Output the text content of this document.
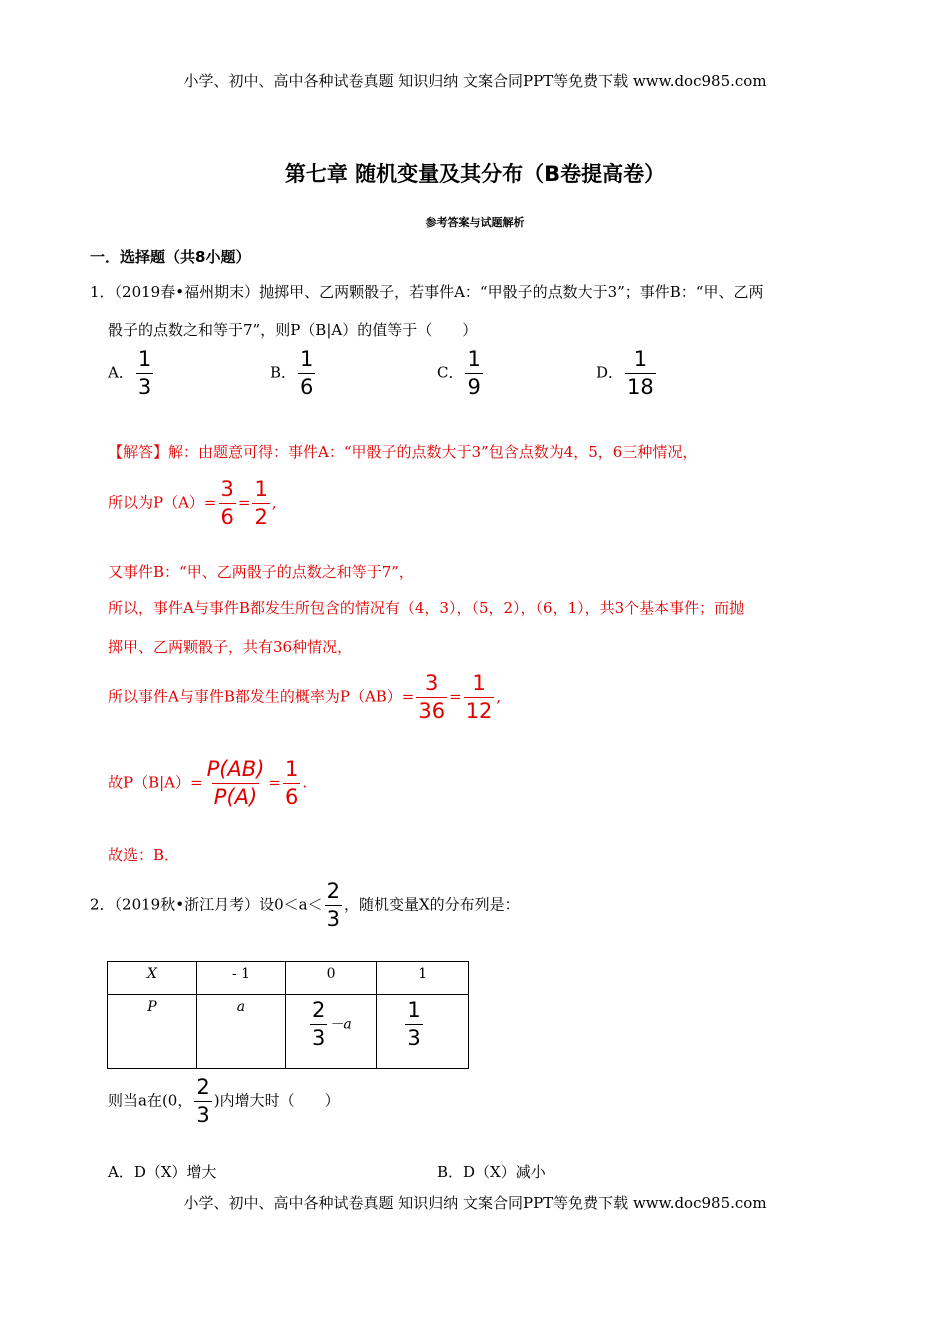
小学、初中、高中各种试卷真题 知识归纳 文案合同PPT等免费下载 www.doc985.com
第七章 随机变量及其分布（B卷提高卷）
参考答案与试题解析
一．选择题（共8小题）
1．（2019春•福州期末）抛掷甲、乙两颗骰子，若事件A：“甲骰子的点数大于3”；事件B：“甲、乙两
骰子的点数之和等于7”，则P（B|A）的值等于（　　）
A． $\frac{1}{3}$	B． $\frac{1}{6}$	C． $\frac{1}{9}$	D． $\frac{1}{18}$
【解答】解：由题意可得：事件A：“甲骰子的点数大于3”包含点数为4，5，6三种情况，
所以为$P(A)= \frac{3}{6} = \frac{1}{2}$ ,
又事件B：“甲、乙两骰子的点数之和等于7”，
所以，事件A与事件B都发生所包含的情况有（4，3），（5，2），（6，1），共3个基本事件；而抛
掷甲、乙两颗骰子，共有36种情况，
所以事件A与事件B都发生的概率为$P(AB)= \frac{3}{36} = \frac{1}{12}$ ,
故$P(B|A)= \frac{P(AB)}{P(A)} = \frac{1}{6}$ .
故选：B．
2．（2019秋•浙江月考）设$0<a< \frac{2}{3}$ ，随机变量X的分布列是：
X	- 1	0	1
P	a	$\frac{2}{3} -a$	$\frac{1}{3}$
则当a在(0， $\frac{2}{3}$ )内增大时（　　）
A．D（X）增大	B．D（X）减小
小学、初中、高中各种试卷真题 知识归纳 文案合同PPT等免费下载 www.doc985.com
